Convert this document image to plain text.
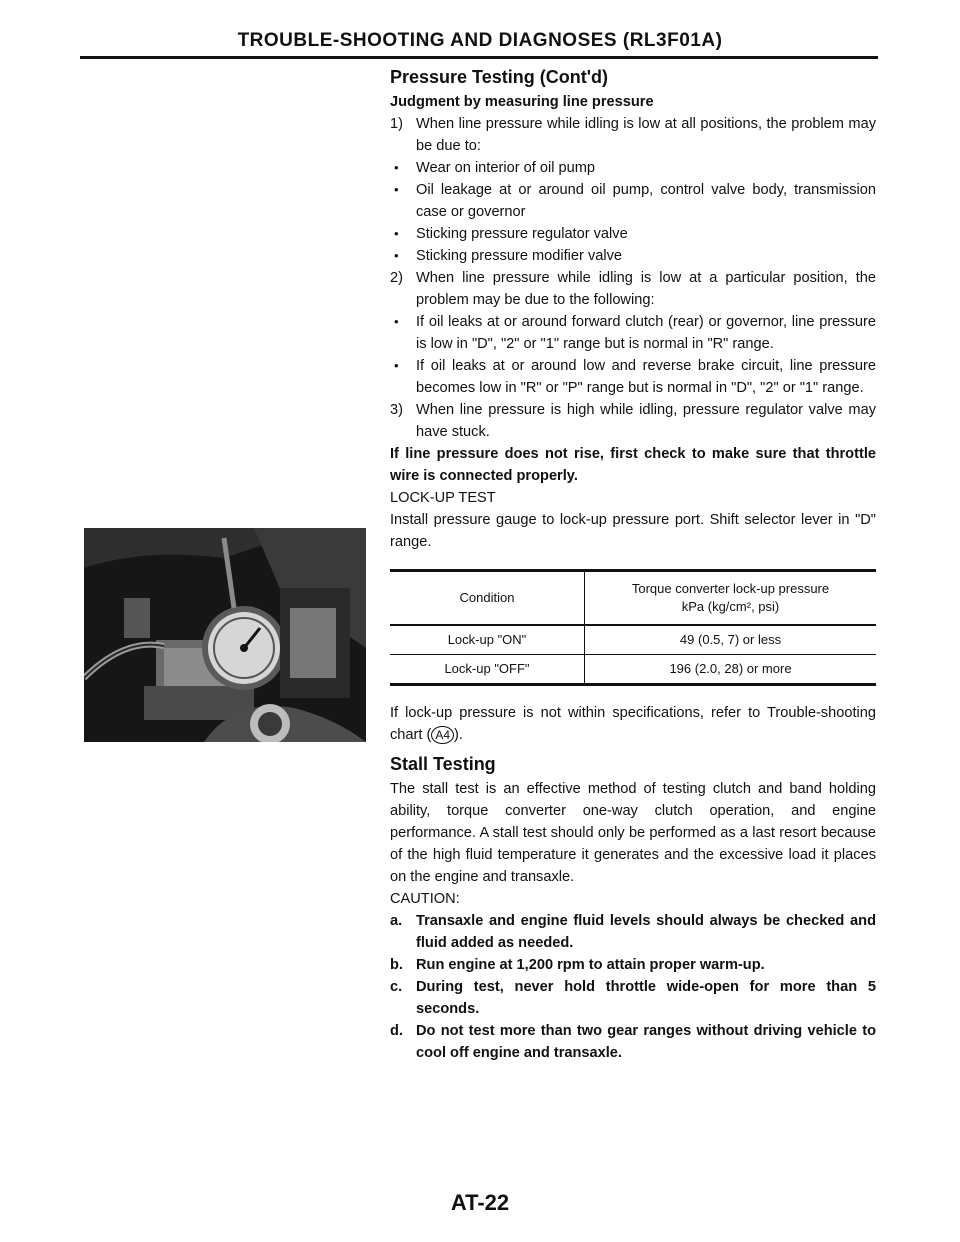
TROUBLE-SHOOTING AND DIAGNOSES (RL3F01A)
Pressure Testing (Cont'd)

Judgment by measuring line pressure

1) When line pressure while idling is low at all positions, the problem may be due to:
•	Wear on interior of oil pump
•	Oil leakage at or around oil pump, control valve body, transmission case or governor
•	Sticking pressure regulator valve
•	Sticking pressure modifier valve
2) When line pressure while idling is low at a particular position, the problem may be due to the following:
•	If oil leaks at or around forward clutch (rear) or governor, line pressure is low in "D", "2" or "1" range but is normal in "R" range.
•	If oil leaks at or around low and reverse brake circuit, line pressure becomes low in "R" or "P" range but is normal in "D", "2" or "1" range.
3) When line pressure is high while idling, pressure regulator valve may have stuck.

If line pressure does not rise, first check to make sure that throttle wire is connected properly.

LOCK-UP TEST

Install pressure gauge to lock-up pressure port. Shift selector lever in "D" range.

Condition	Torque converter lock-up pressure
kPa (kg/cm², psi)

Lock-up "ON"	49 (0.5, 7) or less
Lock-up "OFF"	196 (2.0, 28) or more

If lock-up pressure is not within specifications, refer to Trouble-shooting chart ( A4 ).

Stall Testing

The stall test is an effective method of testing clutch and band holding ability, torque converter one-way clutch operation, and engine performance. A stall test should only be performed as a last resort because of the high fluid temperature it generates and the excessive load it places on the engine and transaxle.

CAUTION:

a. Transaxle and engine fluid levels should always be checked and fluid added as needed.
b. Run engine at 1,200 rpm to attain proper warm-up.
c. During test, never hold throttle wide-open for more than 5 seconds.
d. Do not test more than two gear ranges without driving vehicle to cool off engine and transaxle.

AT-22
